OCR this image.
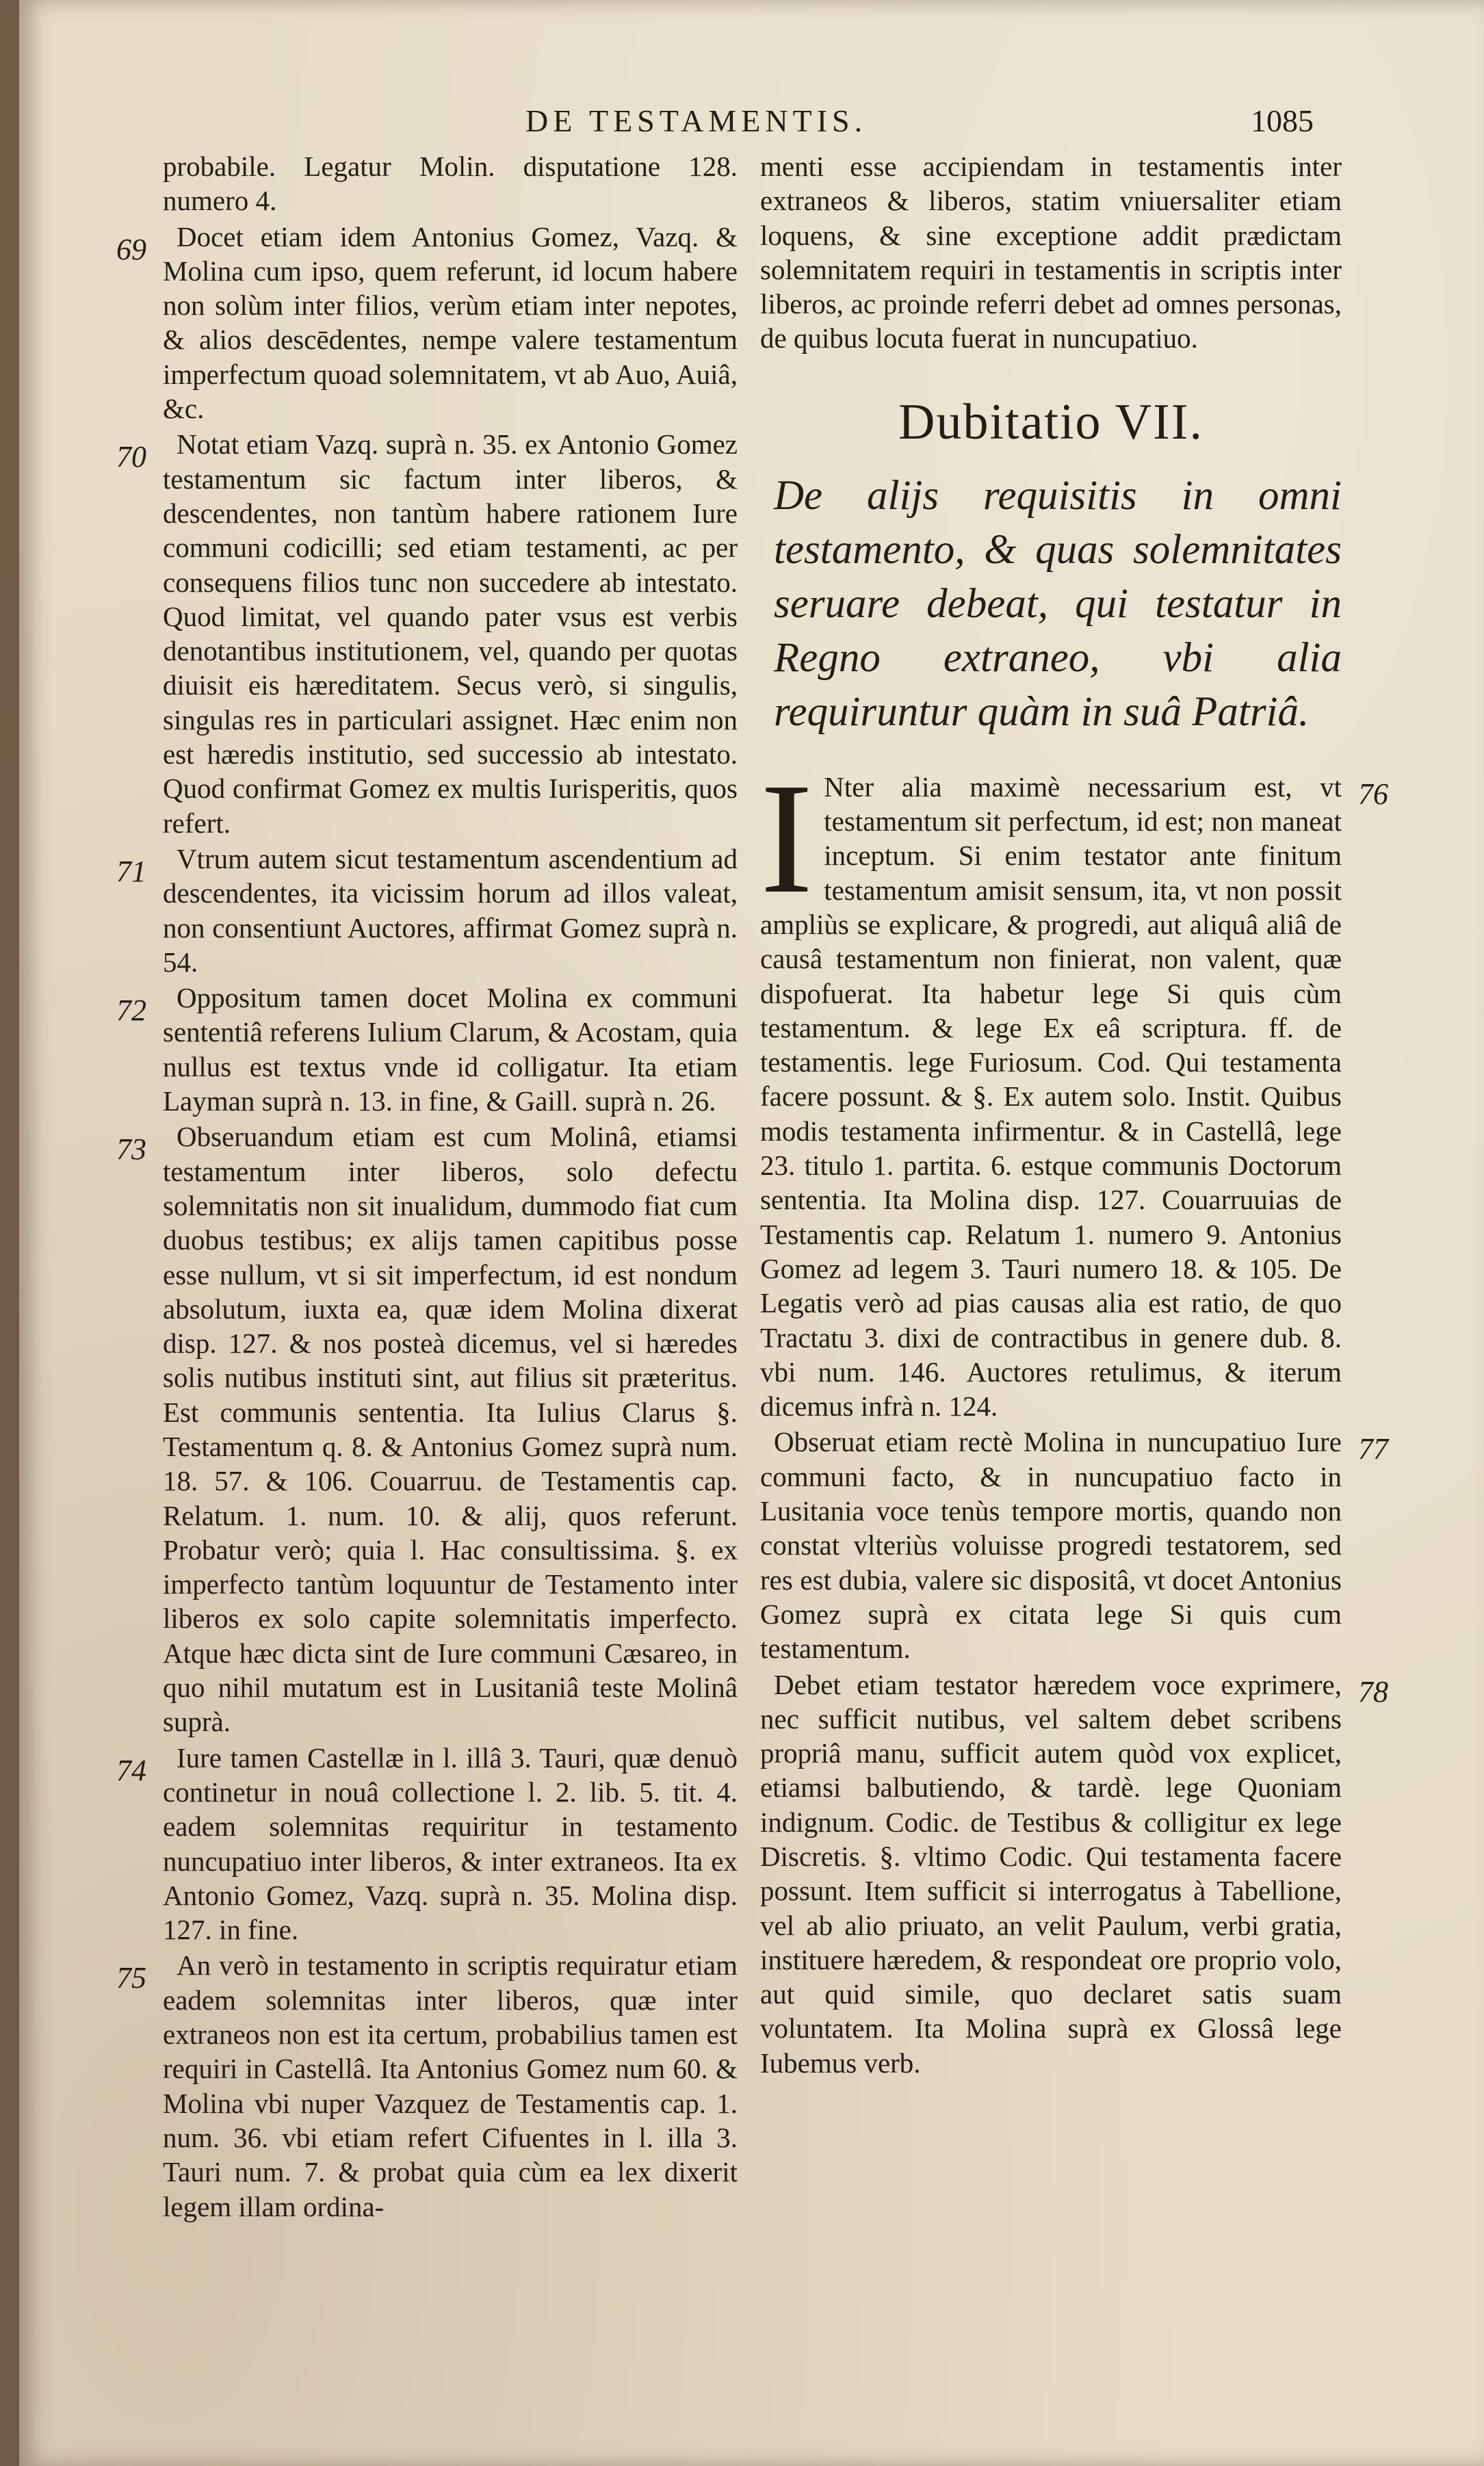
DE TESTAMENTIS.	1085

probabile. Legatur Molin. disputatione 128. numero 4.

69	Docet etiam idem Antonius Gomez, Vazq. & Molina cum ipso, quem referunt, id locum habere non solùm inter filios, verùm etiam inter nepotes, & alios descēdentes, nempe valere testamentum imperfectum quoad solemnitatem, vt ab Auo, Auiâ, &c.

70	Notat etiam Vazq. suprà n. 35. ex Antonio Gomez testamentum sic factum inter liberos, & descendentes, non tantùm habere rationem Iure communi codicilli; sed etiam testamenti, ac per consequens filios tunc non succedere ab intestato. Quod limitat, vel quando pater vsus est verbis denotantibus institutionem, vel, quando per quotas diuisit eis hæreditatem. Secus verò, si singulis, singulas res in particulari assignet. Hæc enim non est hæredis institutio, sed successio ab intestato. Quod confirmat Gomez ex multis Iurisperitis, quos refert.

71	Vtrum autem sicut testamentum ascendentium ad descendentes, ita vicissim horum ad illos valeat, non consentiunt Auctores, affirmat Gomez suprà n. 54.

72	Oppositum tamen docet Molina ex communi sententiâ referens Iulium Clarum, & Acostam, quia nullus est textus vnde id colligatur. Ita etiam Layman suprà n. 13. in fine, & Gaill. suprà n. 26.

73	Obseruandum etiam est cum Molinâ, etiamsi testamentum inter liberos, solo defectu solemnitatis non sit inualidum, dummodo fiat cum duobus testibus; ex alijs tamen capitibus posse esse nullum, vt si sit imperfectum, id est nondum absolutum, iuxta ea, quæ idem Molina dixerat disp. 127. & nos posteà dicemus, vel si hæredes solis nutibus instituti sint, aut filius sit præteritus. Est communis sententia. Ita Iulius Clarus §. Testamentum q. 8. & Antonius Gomez suprà num. 18. 57. & 106. Couarruu. de Testamentis cap. Relatum. 1. num. 10. & alij, quos referunt. Probatur verò; quia l. Hac consultissima. §. ex imperfecto tantùm loquuntur de Testamento inter liberos ex solo capite solemnitatis imperfecto. Atque hæc dicta sint de Iure communi Cæsareo, in quo nihil mutatum est in Lusitaniâ teste Molinâ suprà.

74	Iure tamen Castellæ in l. illâ 3. Tauri, quæ denuò continetur in nouâ collectione l. 2. lib. 5. tit. 4. eadem solemnitas requiritur in testamento nuncupatiuo inter liberos, & inter extraneos. Ita ex Antonio Gomez, Vazq. suprà n. 35. Molina disp. 127. in fine.

75	An verò in testamento in scriptis requiratur etiam eadem solemnitas inter liberos, quæ inter extraneos non est ita certum, probabilius tamen est requiri in Castellâ. Ita Antonius Gomez num 60. & Molina vbi nuper Vazquez de Testamentis cap. 1. num. 36. vbi etiam refert Cifuentes in l. illa 3. Tauri num. 7. & probat quia cùm ea lex dixerit legem illam ordina-

menti esse accipiendam in testamentis inter extraneos & liberos, statim vniuersaliter etiam loquens, & sine exceptione addit prædictam solemnitatem requiri in testamentis in scriptis inter liberos, ac proinde referri debet ad omnes personas, de quibus locuta fuerat in nuncupatiuo.

Dubitatio VII.
De alijs requisitis in omni testamento, & quas solemnitates seruare debeat, qui testatur in Regno extraneo, vbi alia requiruntur quàm in suâ Patriâ.
76
I Nter alia maximè necessarium est, vt testamentum sit perfectum, id est; non maneat inceptum. Si enim testator ante finitum testamentum amisit sensum, ita, vt non possit ampliùs se explicare, & progredi, aut aliquâ aliâ de causâ testamentum non finierat, non valent, quæ dispofuerat. Ita habetur lege Si quis cùm testamentum. & lege Ex eâ scriptura. ff. de testamentis. lege Furiosum. Cod. Qui testamenta facere possunt. & §. Ex autem solo. Instit. Quibus modis testamenta infirmentur. & in Castellâ, lege 23. titulo 1. partita. 6. estque communis Doctorum sententia. Ita Molina disp. 127. Couarruuias de Testamentis cap. Relatum 1. numero 9. Antonius Gomez ad legem 3. Tauri numero 18. & 105. De Legatis verò ad pias causas alia est ratio, de quo Tractatu 3. dixi de contractibus in genere dub. 8. vbi num. 146. Auctores retulimus, & iterum dicemus infrà n. 124.

77

Obseruat etiam rectè Molina in nuncupatiuo Iure communi facto, & in nuncupatiuo facto in Lusitania voce tenùs tempore mortis, quando non constat vlteriùs voluisse progredi testatorem, sed res est dubia, valere sic dispositâ, vt docet Antonius Gomez suprà ex citata lege Si quis cum testamentum.

78

Debet etiam testator hæredem voce exprimere, nec sufficit nutibus, vel saltem debet scribens propriâ manu, sufficit autem quòd vox explicet, etiamsi balbutiendo, & tardè. lege Quoniam indignum. Codic. de Testibus & colligitur ex lege Discretis. §. vltimo Codic. Qui testamenta facere possunt. Item sufficit si interrogatus à Tabellione, vel ab alio priuato, an velit Paulum, verbi gratia, instituere hæredem, & respondeat ore proprio volo, aut quid simile, quo declaret satis suam voluntatem. Ita Molina suprà ex Glossâ lege Iubemus verb.
